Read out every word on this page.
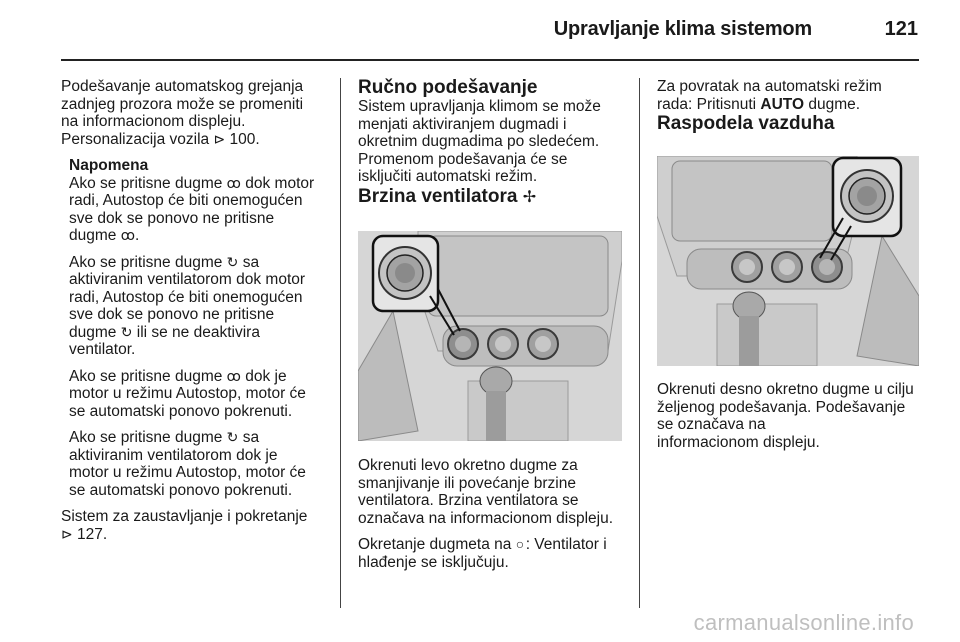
Upravljanje klima sistemom	121

Podešavanje automatskog grejanja

zadnjeg prozora može se promeniti

na informacionom displeju.

Personalizacija vozila ⊳ 100.

Napomena

Ako se pritisne dugme ꝏ dok motor

radi, Autostop će biti onemogućen

sve dok se ponovo ne pritisne

dugme ꝏ.

Ako se pritisne dugme ↻ sa

aktiviranim ventilatorom dok motor

radi, Autostop će biti onemogućen

sve dok se ponovo ne pritisne

dugme ↻ ili se ne deaktivira

ventilator.

Ako se pritisne dugme ꝏ dok je

motor u režimu Autostop, motor će

se automatski ponovo pokrenuti.

Ako se pritisne dugme ↻ sa

aktiviranim ventilatorom dok je

motor u režimu Autostop, motor će

se automatski ponovo pokrenuti.

Sistem za zaustavljanje i pokretanje

⊳ 127.

Ručno podešavanje

Sistem upravljanja klimom se može

menjati aktiviranjem dugmadi i

okretnim dugmadima po sledećem.

Promenom podešavanja će se

isključiti automatski režim.

Brzina ventilatora ✢

Okrenuti levo okretno dugme za

smanjivanje ili povećanje brzine

ventilatora. Brzina ventilatora se

označava na informacionom displeju.

Okretanje dugmeta na ○: Ventilator i

hlađenje se isključuju.

Za povratak na automatski režim

rada: Pritisnuti AUTO dugme.

Raspodela vazduha

Okrenuti desno okretno dugme u cilju

željenog podešavanja. Podešavanje

se označava na

informacionom displeju.

carmanualsonline.info
